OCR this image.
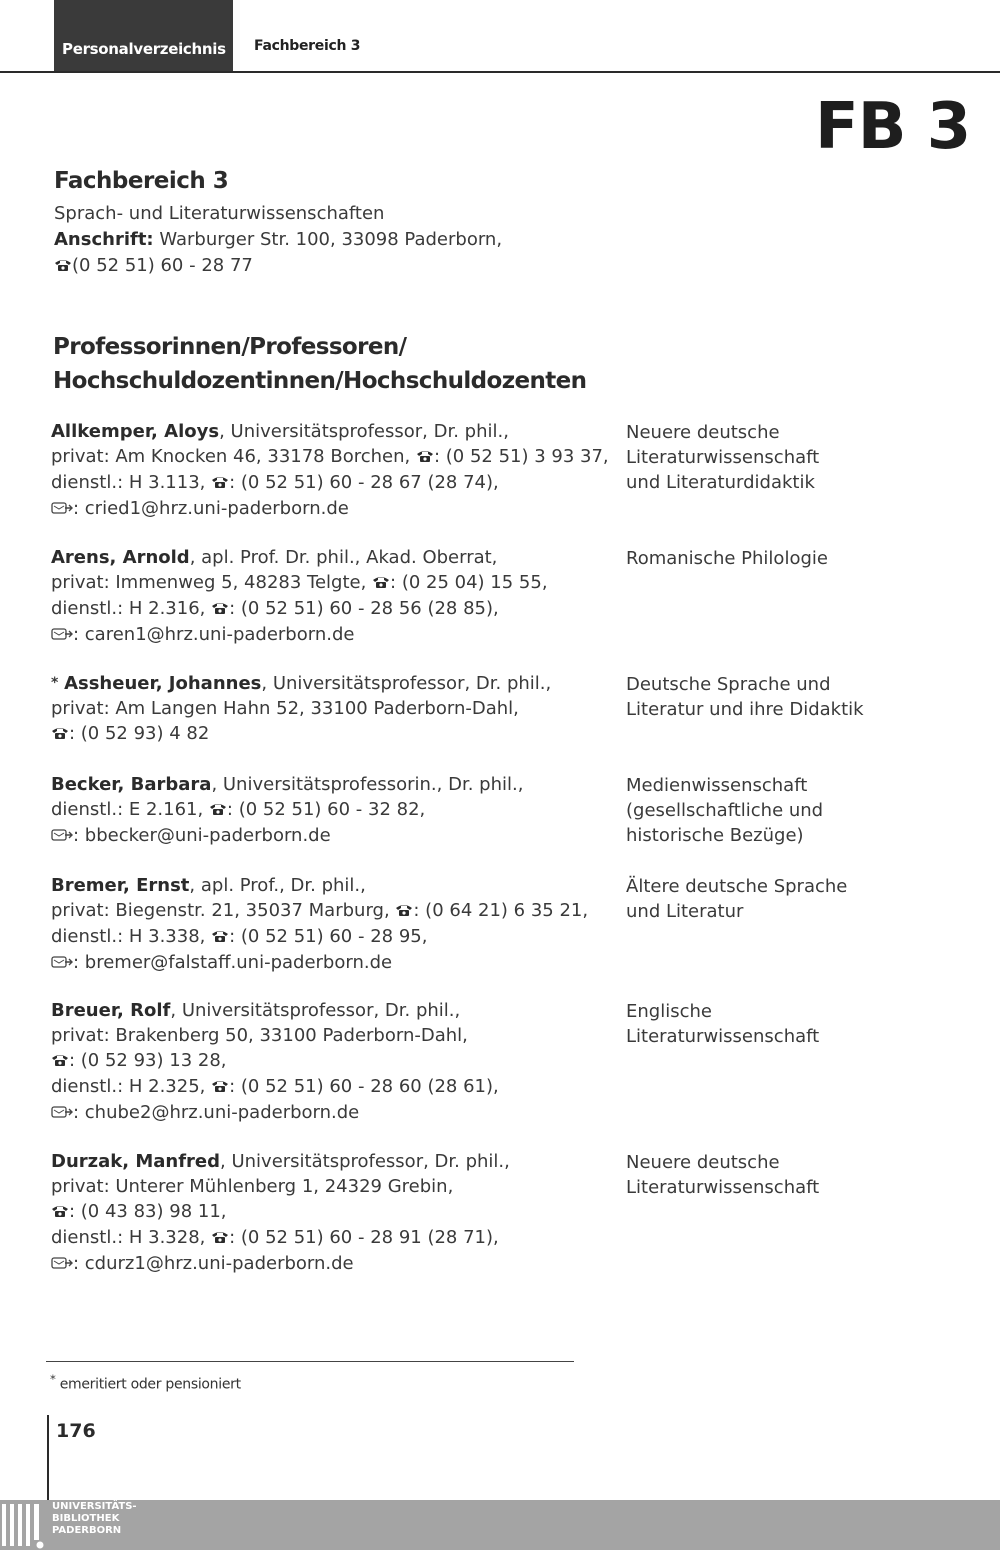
Personalverzeichnis Fachbereich 3
FB 3
Fachbereich 3
Sprach- und Literaturwissenschaften
Anschrift: Warburger Str. 100, 33098 Paderborn,
(0 52 51) 60 - 28 77
Professorinnen/Professoren/
Hochschuldozentinnen/Hochschuldozenten
Allkemper, Aloys, Universitätsprofessor, Dr. phil.,
privat: Am Knocken 46, 33178 Borchen, : (0 52 51) 3 93 37,
dienstl.: H 3.113, : (0 52 51) 60 - 28 67 (28 74),
: cried1@hrz.uni-paderborn.de
Neuere deutsche
Literaturwissenschaft
und Literaturdidaktik
Arens, Arnold, apl. Prof. Dr. phil., Akad. Oberrat,
privat: Immenweg 5, 48283 Telgte, : (0 25 04) 15 55,
dienstl.: H 2.316, : (0 52 51) 60 - 28 56 (28 85),
: caren1@hrz.uni-paderborn.de
Romanische Philologie
* Assheuer, Johannes, Universitätsprofessor, Dr. phil.,
privat: Am Langen Hahn 52, 33100 Paderborn-Dahl,
: (0 52 93) 4 82
Deutsche Sprache und
Literatur und ihre Didaktik
Becker, Barbara, Universitätsprofessorin., Dr. phil.,
dienstl.: E 2.161, : (0 52 51) 60 - 32 82,
: bbecker@uni-paderborn.de
Medienwissenschaft
(gesellschaftliche und
historische Bezüge)
Bremer, Ernst, apl. Prof., Dr. phil.,
privat: Biegenstr. 21, 35037 Marburg, : (0 64 21) 6 35 21,
dienstl.: H 3.338, : (0 52 51) 60 - 28 95,
: bremer@falstaff.uni-paderborn.de
Ältere deutsche Sprache
und Literatur
Breuer, Rolf, Universitätsprofessor, Dr. phil.,
privat: Brakenberg 50, 33100 Paderborn-Dahl,
: (0 52 93) 13 28,
dienstl.: H 2.325, : (0 52 51) 60 - 28 60 (28 61),
: chube2@hrz.uni-paderborn.de
Englische
Literaturwissenschaft
Durzak, Manfred, Universitätsprofessor, Dr. phil.,
privat: Unterer Mühlenberg 1, 24329 Grebin,
: (0 43 83) 98 11,
dienstl.: H 3.328, : (0 52 51) 60 - 28 91 (28 71),
: cdurz1@hrz.uni-paderborn.de
Neuere deutsche
Literaturwissenschaft
* emeritiert oder pensioniert
176
UNIVERSITÄTS-
BIBLIOTHEK
PADERBORN
